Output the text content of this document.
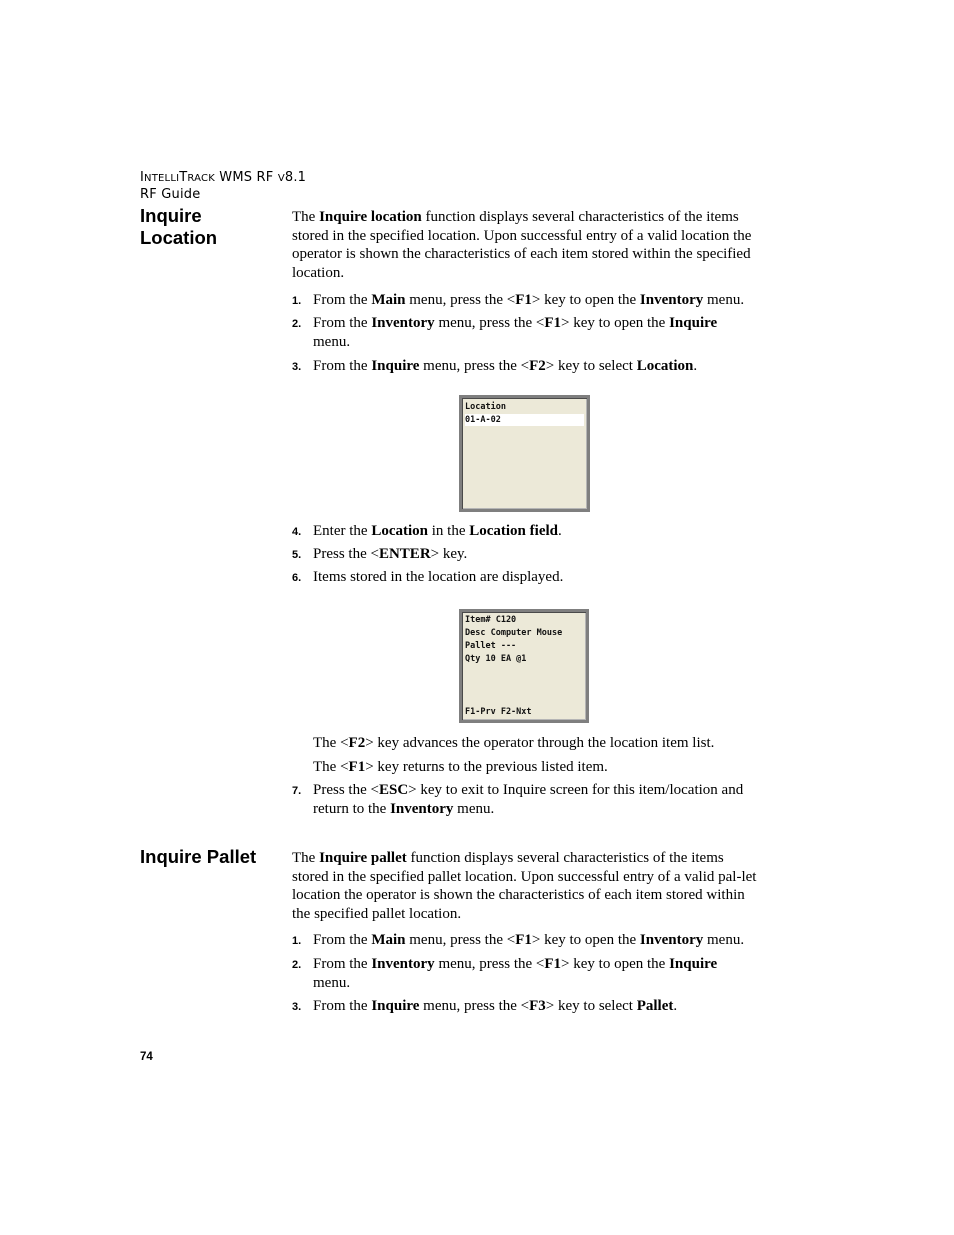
INTELLITRACK WMS RF V8.1
RF Guide
Inquire Location
The Inquire location function displays several characteristics of the items stored in the specified location. Upon successful entry of a valid location the operator is shown the characteristics of each item stored within the specified location.
1. From the Main menu, press the <F1> key to open the Inventory menu.
2. From the Inventory menu, press the <F1> key to open the Inquire
menu.
3. From the Inquire menu, press the <F2> key to select Location.
Location
01-A-02
4. Enter the Location in the Location field.
5. Press the <ENTER> key.
6. Items stored in the location are displayed.
Item# C120
Desc Computer Mouse
Pallet ---
Qty 10 EA @1
F1-Prv F2-Nxt
The <F2> key advances the operator through the location item list.
The <F1> key returns to the previous listed item.
7. Press the <ESC> key to exit to Inquire screen for this item/location and return to the Inventory menu.
Inquire Pallet	The Inquire pallet function displays several characteristics of the items stored in the specified pallet location. Upon successful entry of a valid pal-let location the operator is shown the characteristics of each item stored within the specified pallet location.
1. From the Main menu, press the <F1> key to open the Inventory menu.
2. From the Inventory menu, press the <F1> key to open the Inquire
menu.
3. From the Inquire menu, press the <F3> key to select Pallet.
74
